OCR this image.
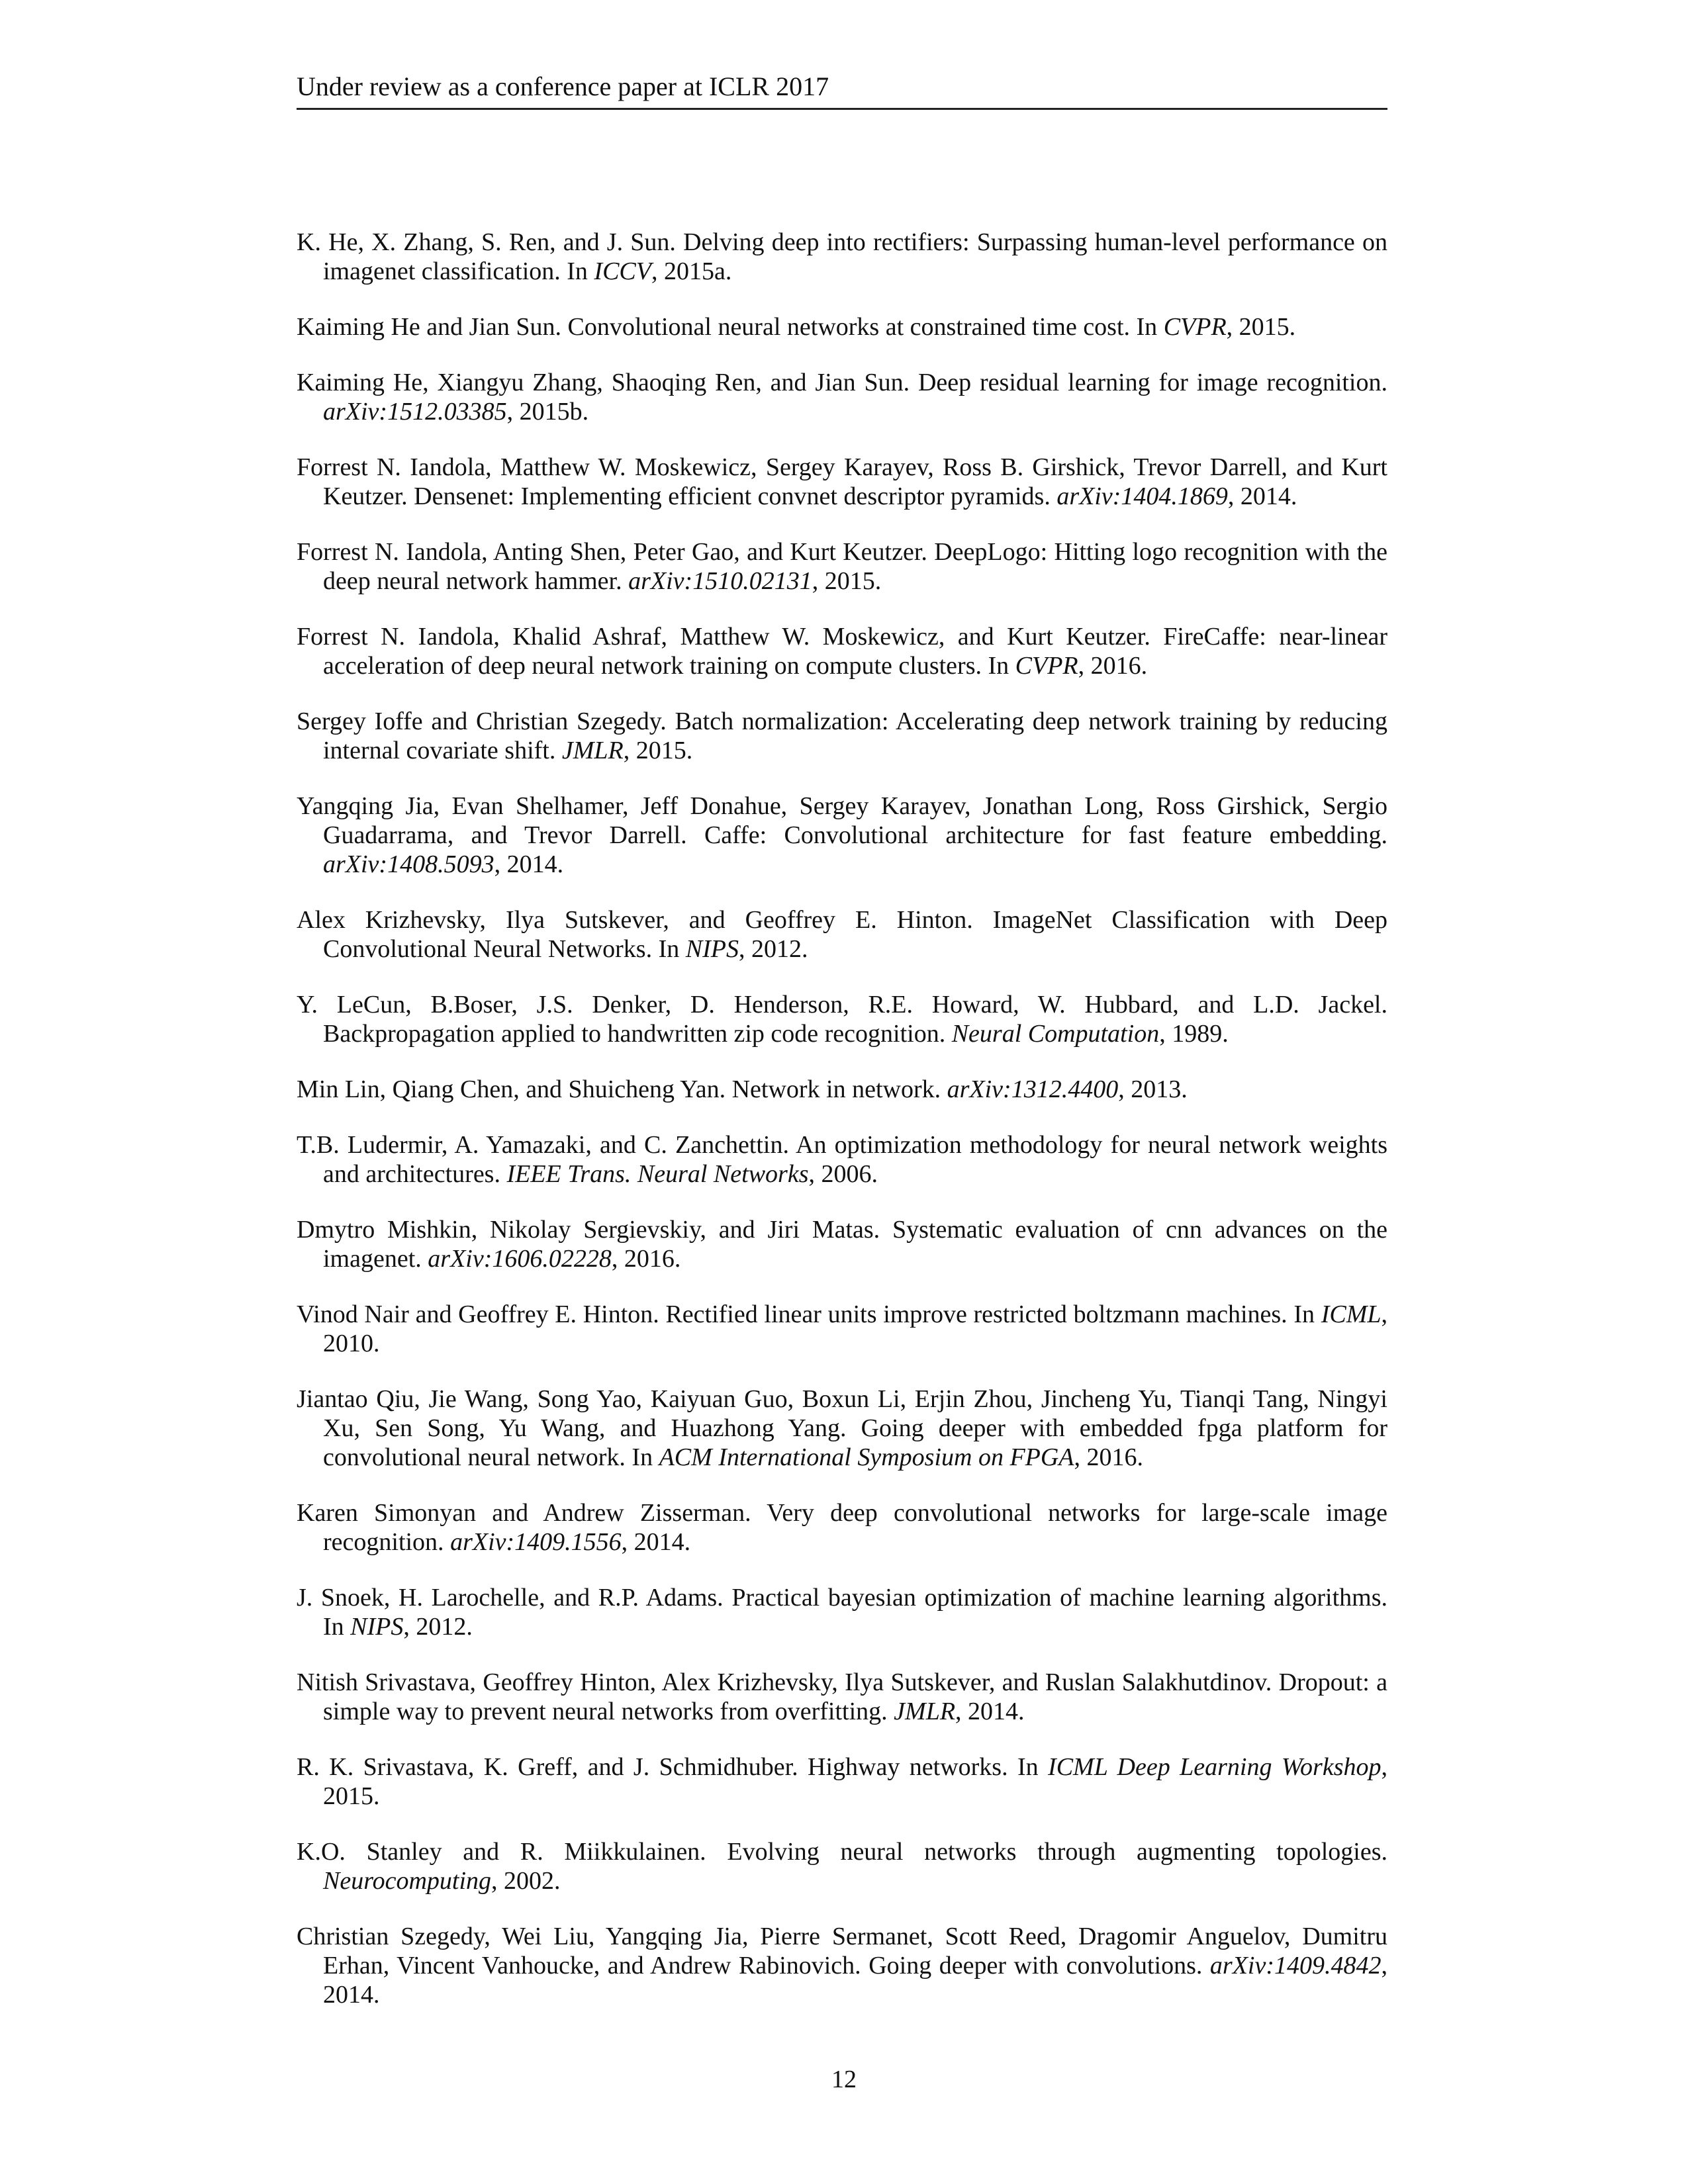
Under review as a conference paper at ICLR 2017
K. He, X. Zhang, S. Ren, and J. Sun. Delving deep into rectifiers: Surpassing human-level performance on imagenet classification. In ICCV, 2015a.
Kaiming He and Jian Sun. Convolutional neural networks at constrained time cost. In CVPR, 2015.
Kaiming He, Xiangyu Zhang, Shaoqing Ren, and Jian Sun. Deep residual learning for image recognition. arXiv:1512.03385, 2015b.
Forrest N. Iandola, Matthew W. Moskewicz, Sergey Karayev, Ross B. Girshick, Trevor Darrell, and Kurt Keutzer. Densenet: Implementing efficient convnet descriptor pyramids. arXiv:1404.1869, 2014.
Forrest N. Iandola, Anting Shen, Peter Gao, and Kurt Keutzer. DeepLogo: Hitting logo recognition with the deep neural network hammer. arXiv:1510.02131, 2015.
Forrest N. Iandola, Khalid Ashraf, Matthew W. Moskewicz, and Kurt Keutzer. FireCaffe: near-linear acceleration of deep neural network training on compute clusters. In CVPR, 2016.
Sergey Ioffe and Christian Szegedy. Batch normalization: Accelerating deep network training by reducing internal covariate shift. JMLR, 2015.
Yangqing Jia, Evan Shelhamer, Jeff Donahue, Sergey Karayev, Jonathan Long, Ross Girshick, Sergio Guadarrama, and Trevor Darrell. Caffe: Convolutional architecture for fast feature embedding. arXiv:1408.5093, 2014.
Alex Krizhevsky, Ilya Sutskever, and Geoffrey E. Hinton. ImageNet Classification with Deep Convolutional Neural Networks. In NIPS, 2012.
Y. LeCun, B.Boser, J.S. Denker, D. Henderson, R.E. Howard, W. Hubbard, and L.D. Jackel. Backpropagation applied to handwritten zip code recognition. Neural Computation, 1989.
Min Lin, Qiang Chen, and Shuicheng Yan. Network in network. arXiv:1312.4400, 2013.
T.B. Ludermir, A. Yamazaki, and C. Zanchettin. An optimization methodology for neural network weights and architectures. IEEE Trans. Neural Networks, 2006.
Dmytro Mishkin, Nikolay Sergievskiy, and Jiri Matas. Systematic evaluation of cnn advances on the imagenet. arXiv:1606.02228, 2016.
Vinod Nair and Geoffrey E. Hinton. Rectified linear units improve restricted boltzmann machines. In ICML, 2010.
Jiantao Qiu, Jie Wang, Song Yao, Kaiyuan Guo, Boxun Li, Erjin Zhou, Jincheng Yu, Tianqi Tang, Ningyi Xu, Sen Song, Yu Wang, and Huazhong Yang. Going deeper with embedded fpga platform for convolutional neural network. In ACM International Symposium on FPGA, 2016.
Karen Simonyan and Andrew Zisserman. Very deep convolutional networks for large-scale image recognition. arXiv:1409.1556, 2014.
J. Snoek, H. Larochelle, and R.P. Adams. Practical bayesian optimization of machine learning algorithms. In NIPS, 2012.
Nitish Srivastava, Geoffrey Hinton, Alex Krizhevsky, Ilya Sutskever, and Ruslan Salakhutdinov. Dropout: a simple way to prevent neural networks from overfitting. JMLR, 2014.
R. K. Srivastava, K. Greff, and J. Schmidhuber. Highway networks. In ICML Deep Learning Workshop, 2015.
K.O. Stanley and R. Miikkulainen. Evolving neural networks through augmenting topologies. Neurocomputing, 2002.
Christian Szegedy, Wei Liu, Yangqing Jia, Pierre Sermanet, Scott Reed, Dragomir Anguelov, Dumitru Erhan, Vincent Vanhoucke, and Andrew Rabinovich. Going deeper with convolutions. arXiv:1409.4842, 2014.
12
